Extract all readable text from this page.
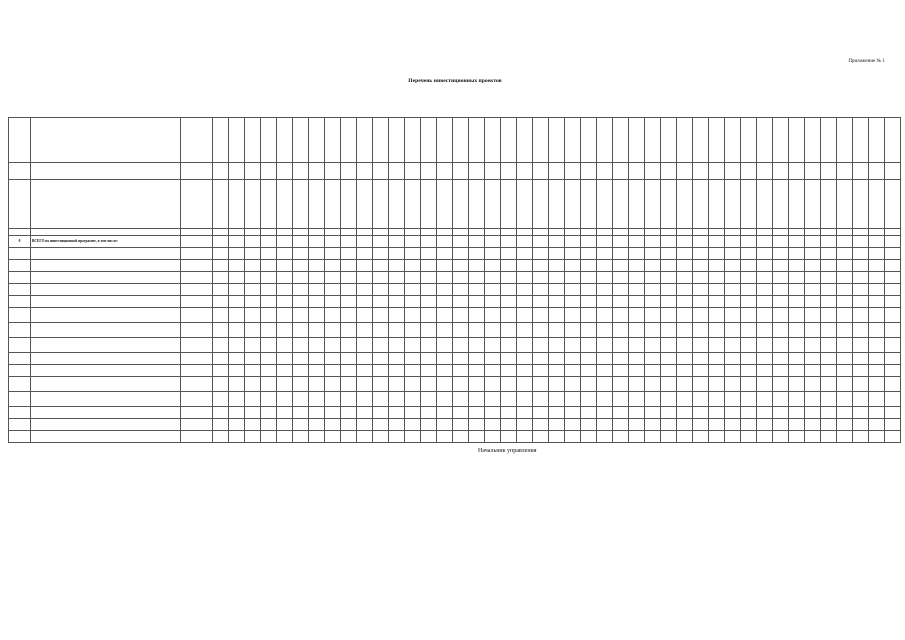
Приложение № 1
Перечень инвестиционных проектов

0	ВСЕГО по инвестиционной программе, в том числе:																																												

Начальник управления
